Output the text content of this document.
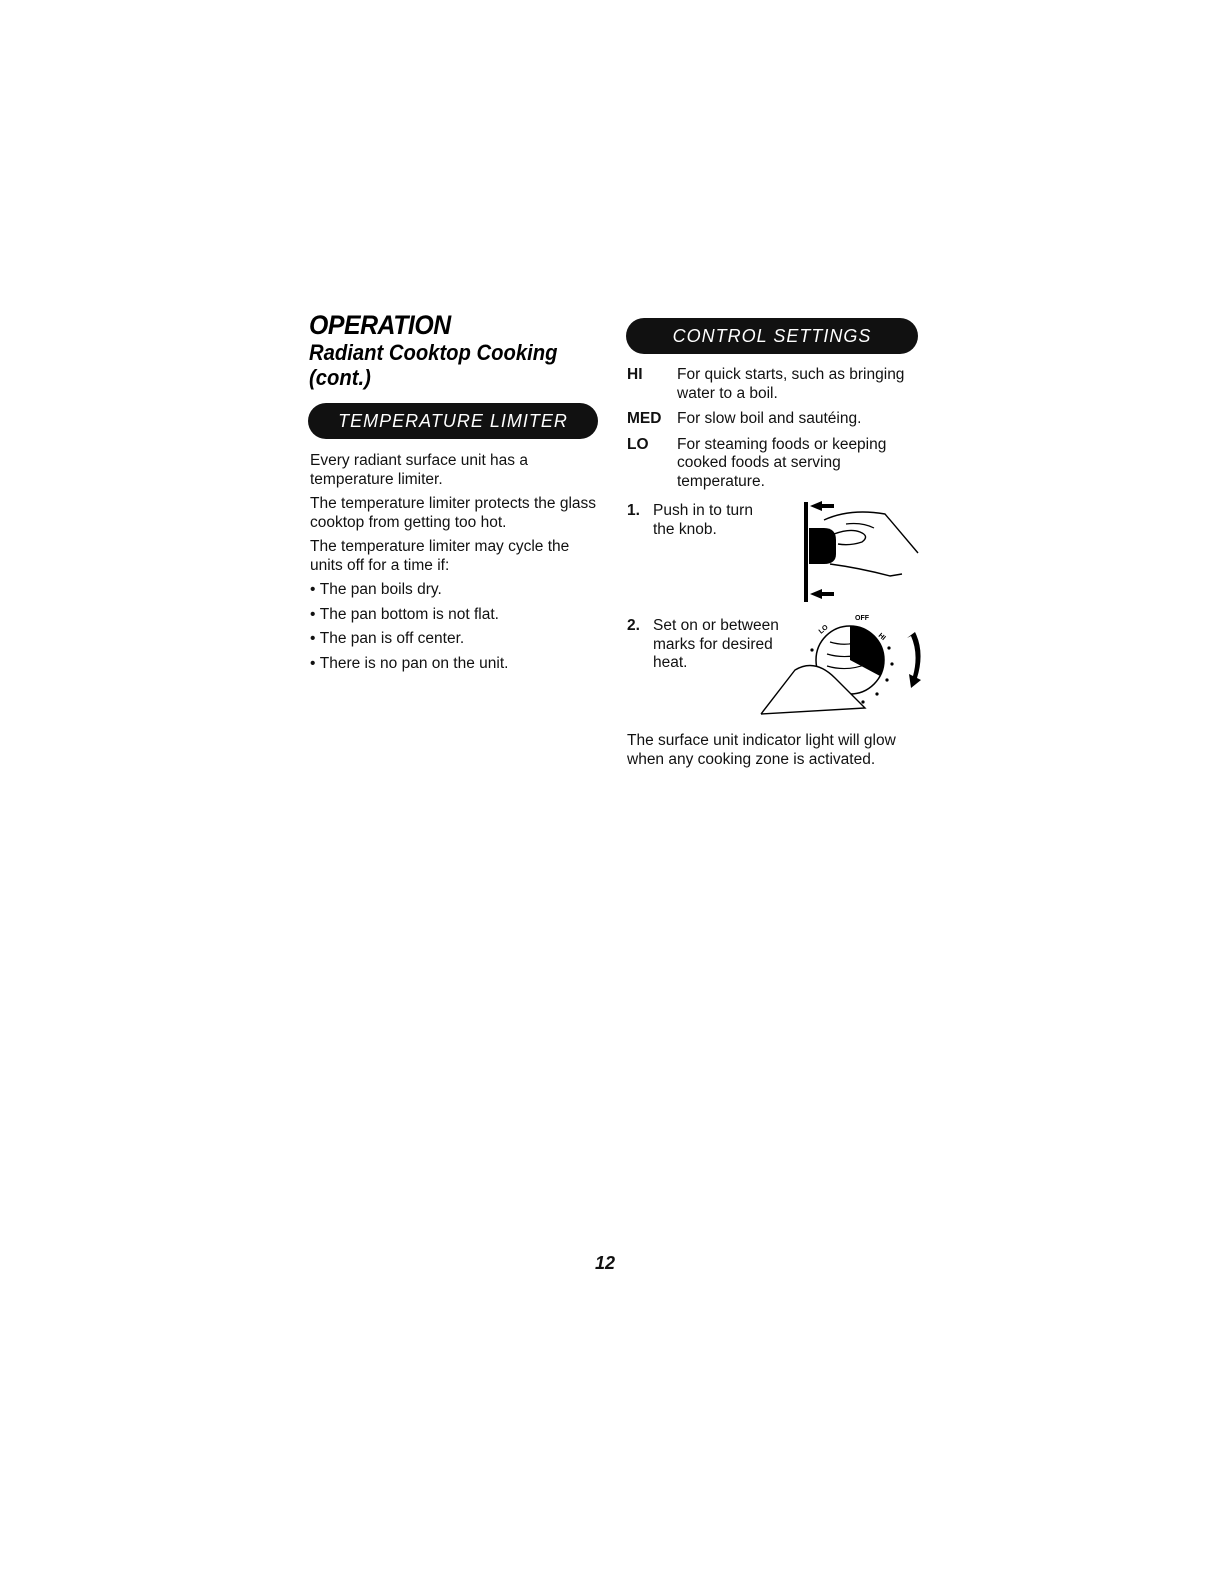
OPERATION
Radiant Cooktop Cooking
(cont.)
TEMPERATURE LIMITER

Every radiant surface unit has a temperature limiter.

The temperature limiter protects the glass cooktop from getting too hot.

The temperature limiter may cycle the units off for a time if:

• The pan boils dry.
• The pan bottom is not flat.
• The pan is off center.
• There is no pan on the unit.
CONTROL SETTINGS
HI	For quick starts, such as bringing water to a boil.
MED	For slow boil and sautéing.
LO	For steaming foods or keeping cooked foods at serving temperature.
1. Push in to turn the knob.
2. Set on or between marks for desired heat.
OFF
LO
HI
The surface unit indicator light will glow when any cooking zone is activated.
12
